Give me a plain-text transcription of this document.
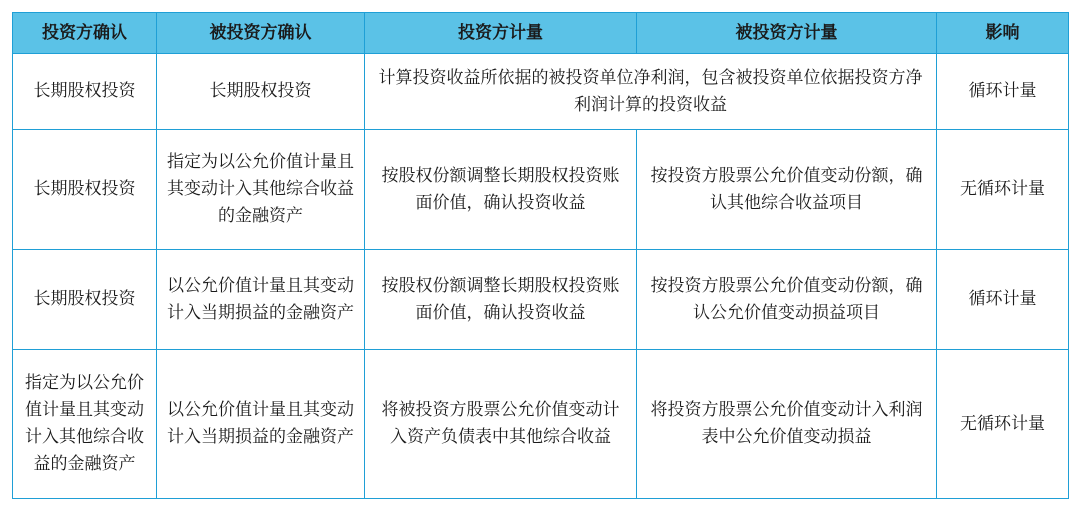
投资方确认	被投资方确认	投资方计量	被投资方计量	影响
长期股权投资	长期股权投资	计算投资收益所依据的被投资单位净利润，包含被投资单位依据投资方净利润计算的投资收益		循环计量
长期股权投资	指定为以公允价值计量且其变动计入其他综合收益的金融资产	按股权份额调整长期股权投资账面价值，确认投资收益	按投资方股票公允价值变动份额，确认其他综合收益项目	无循环计量
长期股权投资	以公允价值计量且其变动计入当期损益的金融资产	按股权份额调整长期股权投资账面价值，确认投资收益	按投资方股票公允价值变动份额，确认公允价值变动损益项目	循环计量
指定为以公允价值计量且其变动计入其他综合收益的金融资产	以公允价值计量且其变动计入当期损益的金融资产	将被投资方股票公允价值变动计入资产负债表中其他综合收益	将投资方股票公允价值变动计入利润表中公允价值变动损益	无循环计量
